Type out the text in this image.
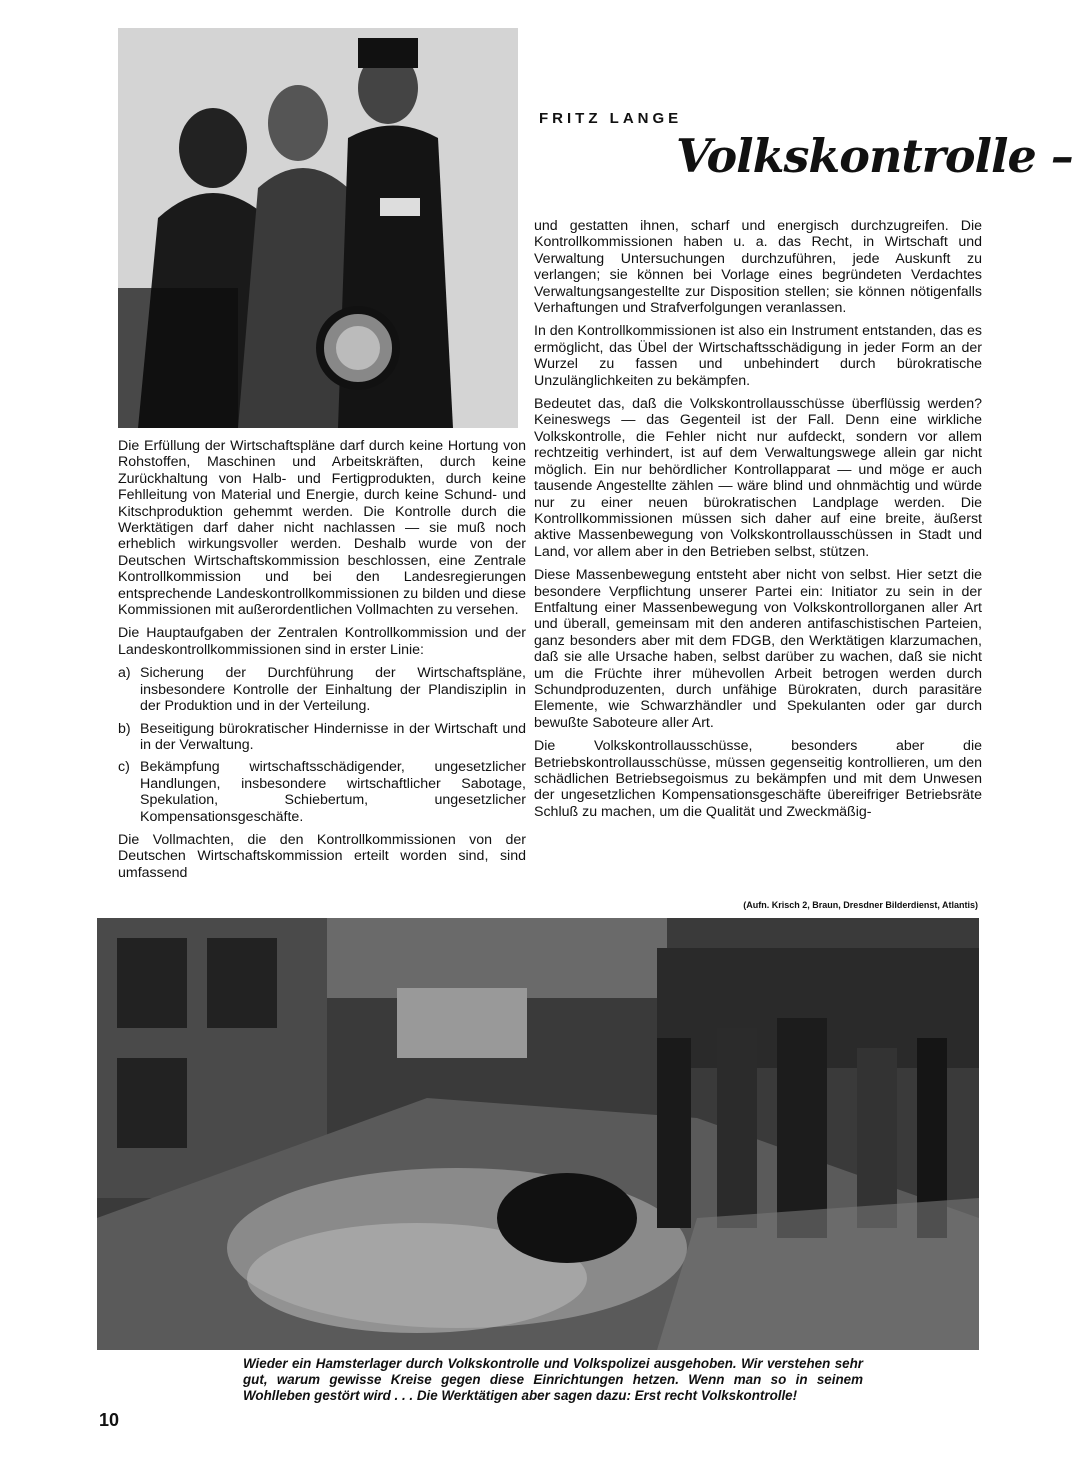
FRITZ LANGE
Volkskontrolle –

Die Erfüllung der Wirtschaftspläne darf durch keine Hortung von Rohstoffen, Maschinen und Arbeitskräften, durch keine Zurückhaltung von Halb- und Fertigprodukten, durch keine Fehlleitung von Material und Energie, durch keine Schund- und Kitschproduktion gehemmt werden. Die Kontrolle durch die Werktätigen darf daher nicht nachlassen — sie muß noch erheblich wirkungsvoller werden. Deshalb wurde von der Deutschen Wirtschaftskommission beschlossen, eine Zentrale Kontrollkommission und bei den Landesregierungen entsprechende Landeskontrollkommissionen zu bilden und diese Kommissionen mit außerordentlichen Vollmachten zu versehen.

Die Hauptaufgaben der Zentralen Kontrollkommission und der Landeskontrollkommissionen sind in erster Linie:

a) Sicherung der Durchführung der Wirtschaftspläne, insbesondere Kontrolle der Einhaltung der Plandisziplin in der Produktion und in der Verteilung.
b) Beseitigung bürokratischer Hindernisse in der Wirtschaft und in der Verwaltung.
c) Bekämpfung wirtschaftsschädigender, ungesetzlicher Handlungen, insbesondere wirtschaftlicher Sabotage, Spekulation, Schiebertum, ungesetzlicher Kompensationsgeschäfte.

Die Vollmachten, die den Kontrollkommissionen von der Deutschen Wirtschaftskommission erteilt worden sind, sind umfassend

und gestatten ihnen, scharf und energisch durchzugreifen. Die Kontrollkommissionen haben u. a. das Recht, in Wirtschaft und Verwaltung Untersuchungen durchzuführen, jede Auskunft zu verlangen; sie können bei Vorlage eines begründeten Verdachtes Verwaltungsangestellte zur Disposition stellen; sie können nötigenfalls Verhaftungen und Strafverfolgungen veranlassen.

In den Kontrollkommissionen ist also ein Instrument entstanden, das es ermöglicht, das Übel der Wirtschaftsschädigung in jeder Form an der Wurzel zu fassen und unbehindert durch bürokratische Unzulänglichkeiten zu bekämpfen.

Bedeutet das, daß die Volkskontrollausschüsse überflüssig werden? Keineswegs — das Gegenteil ist der Fall. Denn eine wirkliche Volkskontrolle, die Fehler nicht nur aufdeckt, sondern vor allem rechtzeitig verhindert, ist auf dem Verwaltungswege allein gar nicht möglich. Ein nur behördlicher Kontrollapparat — und möge er auch tausende Angestellte zählen — wäre blind und ohnmächtig und würde nur zu einer neuen bürokratischen Landplage werden. Die Kontrollkommissionen müssen sich daher auf eine breite, äußerst aktive Massenbewegung von Volkskontrollausschüssen in Stadt und Land, vor allem aber in den Betrieben selbst, stützen.

Diese Massenbewegung entsteht aber nicht von selbst. Hier setzt die besondere Verpflichtung unserer Partei ein: Initiator zu sein in der Entfaltung einer Massenbewegung von Volkskontrollorganen aller Art und überall, gemeinsam mit den anderen antifaschistischen Parteien, ganz besonders aber mit dem FDGB, den Werktätigen klarzumachen, daß sie alle Ursache haben, selbst darüber zu wachen, daß sie nicht um die Früchte ihrer mühevollen Arbeit betrogen werden durch Schundproduzenten, durch unfähige Bürokraten, durch parasitäre Elemente, wie Schwarzhändler und Spekulanten oder gar durch bewußte Saboteure aller Art.

Die Volkskontrollausschüsse, besonders aber die Betriebskontrollausschüsse, müssen gegenseitig kontrollieren, um den schädlichen Betriebsegoismus zu bekämpfen und mit dem Unwesen der ungesetzlichen Kompensationsgeschäfte übereifriger Betriebsräte Schluß zu machen, um die Qualität und Zweckmäßig-

(Aufn. Krisch 2, Braun, Dresdner Bilderdienst, Atlantis)
Wieder ein Hamsterlager durch Volkskontrolle und Volkspolizei ausgehoben. Wir verstehen sehr gut, warum gewisse Kreise gegen diese Einrichtungen hetzen. Wenn man so in seinem Wohlleben gestört wird . . . Die Werktätigen aber sagen dazu: Erst recht Volkskontrolle!
10
